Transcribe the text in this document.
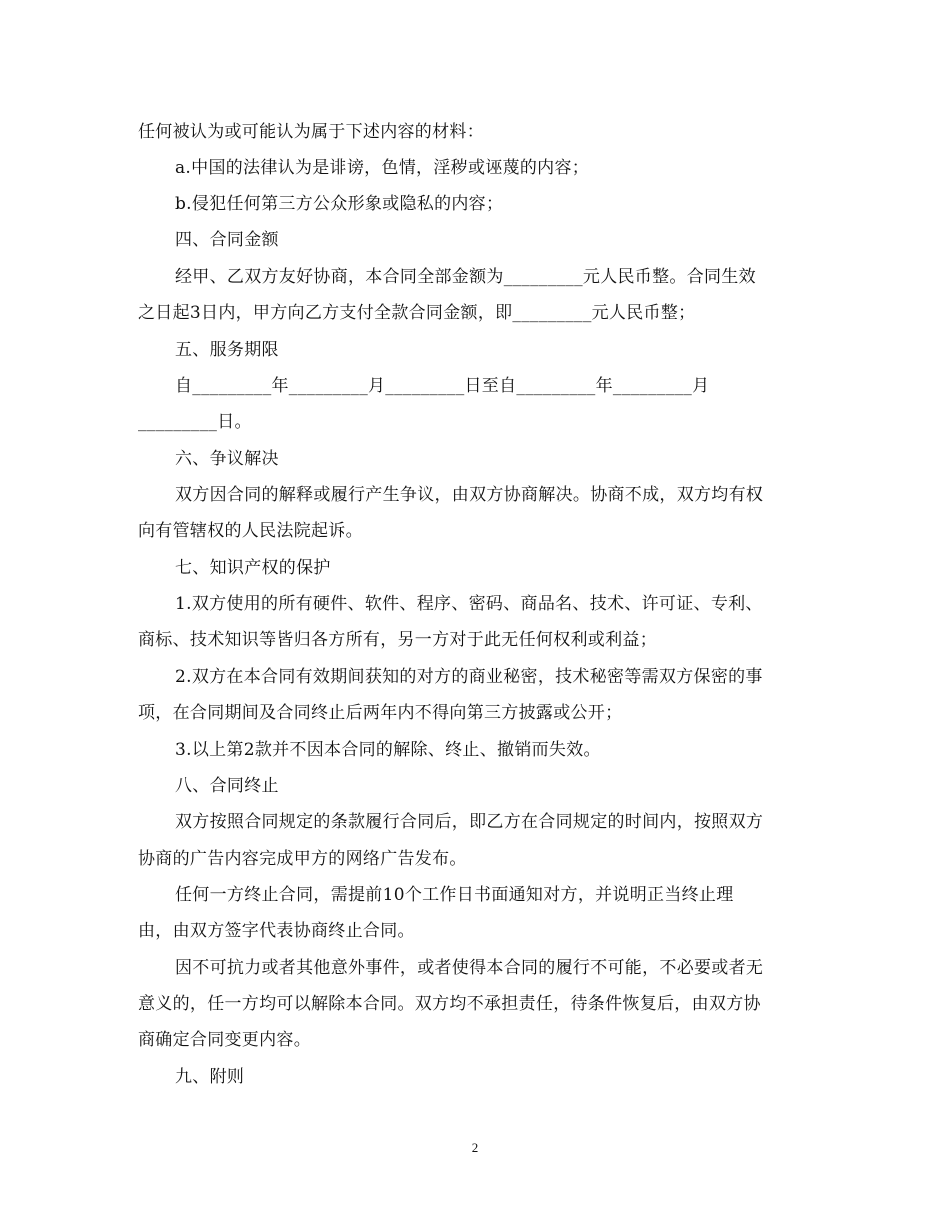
任何被认为或可能认为属于下述内容的材料：
a.中国的法律认为是诽谤，色情，淫秽或诬蔑的内容；
b.侵犯任何第三方公众形象或隐私的内容；
四、合同金额
经甲、乙双方友好协商，本合同全部金额为_________元人民币整。合同生效
之日起3日内，甲方向乙方支付全款合同金额，即_________元人民币整；
五、服务期限
自_________年_________月_________日至自_________年_________月
_________日。
六、争议解决
双方因合同的解释或履行产生争议，由双方协商解决。协商不成，双方均有权
向有管辖权的人民法院起诉。
七、知识产权的保护
1.双方使用的所有硬件、软件、程序、密码、商品名、技术、许可证、专利、
商标、技术知识等皆归各方所有，另一方对于此无任何权利或利益；
2.双方在本合同有效期间获知的对方的商业秘密，技术秘密等需双方保密的事
项，在合同期间及合同终止后两年内不得向第三方披露或公开；
3.以上第2款并不因本合同的解除、终止、撤销而失效。
八、合同终止
双方按照合同规定的条款履行合同后，即乙方在合同规定的时间内，按照双方
协商的广告内容完成甲方的网络广告发布。
任何一方终止合同，需提前10个工作日书面通知对方，并说明正当终止理
由，由双方签字代表协商终止合同。
因不可抗力或者其他意外事件，或者使得本合同的履行不可能，不必要或者无
意义的，任一方均可以解除本合同。双方均不承担责任，待条件恢复后，由双方协
商确定合同变更内容。
九、附则
2
